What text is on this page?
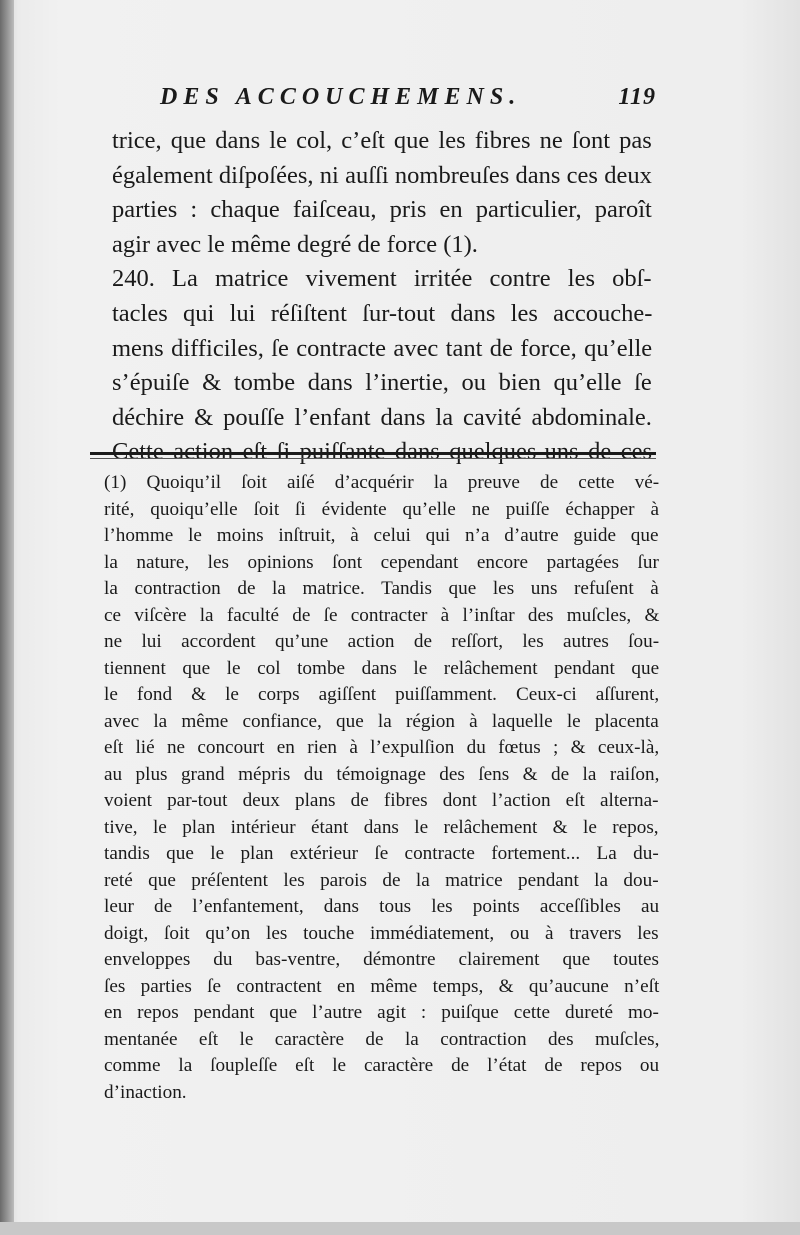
DES ACCOUCHEMENS.	119
trice, que dans le col, c’eſt que les fibres ne ſont pas
également diſpoſées, ni auſſi nombreuſes dans ces deux
parties : chaque faiſceau, pris en particulier, paroît
agir avec le même degré de force (1).
240. La matrice vivement irritée contre les obſ-
tacles qui lui réſiſtent ſur-tout dans les accouche-
mens difficiles, ſe contracte avec tant de force, qu’elle
s’épuiſe & tombe dans l’inertie, ou bien qu’elle ſe
déchire & pouſſe l’enfant dans la cavité abdominale.
Cette action eſt ſi puiſſante dans quelques-uns de ces
(1) Quoiqu’il ſoit aiſé d’acquérir la preuve de cette vé-
rité, quoiqu’elle ſoit ſi évidente qu’elle ne puiſſe échapper à
l’homme le moins inſtruit, à celui qui n’a d’autre guide que
la nature, les opinions ſont cependant encore partagées ſur
la contraction de la matrice. Tandis que les uns refuſent à
ce viſcère la faculté de ſe contracter à l’inſtar des muſcles, &
ne lui accordent qu’une action de reſſort, les autres ſou-
tiennent que le col tombe dans le relâchement pendant que
le fond & le corps agiſſent puiſſamment. Ceux-ci aſſurent,
avec la même confiance, que la région à laquelle le placenta
eſt lié ne concourt en rien à l’expulſion du fœtus ; & ceux-là,
au plus grand mépris du témoignage des ſens & de la raiſon,
voient par-tout deux plans de fibres dont l’action eſt alterna-
tive, le plan intérieur étant dans le relâchement & le repos,
tandis que le plan extérieur ſe contracte fortement... La du-
reté que préſentent les parois de la matrice pendant la dou-
leur de l’enfantement, dans tous les points acceſſibles au
doigt, ſoit qu’on les touche immédiatement, ou à travers les
enveloppes du bas-ventre, démontre clairement que toutes
ſes parties ſe contractent en même temps, & qu’aucune n’eſt
en repos pendant que l’autre agit : puiſque cette dureté mo-
mentanée eſt le caractère de la contraction des muſcles,
comme la ſoupleſſe eſt le caractère de l’état de repos ou
d’inaction.
